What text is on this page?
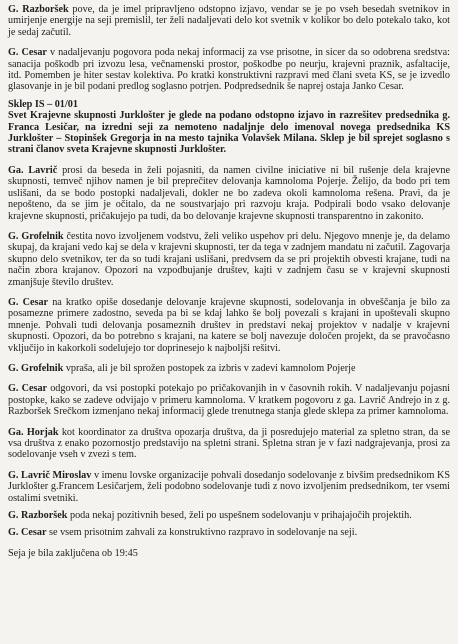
G. Razboršek pove, da je imel pripravljeno odstopno izjavo, vendar se je po vseh besedah svetnikov in umirjenje energije na seji premislil, ter želi nadaljevati delo kot svetnik v kolikor bo delo potekalo tako, kot je sedaj začutil.

G. Cesar v nadaljevanju pogovora poda nekaj informacij za vse prisotne, in sicer da so odobrena sredstva: sanacija poškodb pri izvozu lesa, večnamenski prostor, poškodbe po neurju, krajevni praznik, asfaltacije, itd. Pomemben je hiter sestav kolektiva. Po kratki konstruktivni razpravi med člani sveta KS, se je izvedlo glasovanje in je bil podani predlog soglasno potrjen. Podpredsednik še naprej ostaja Janko Cesar.

Sklep IS – 01/01
Svet Krajevne skupnosti Jurklošter je glede na podano odstopno izjavo in razrešitev predsednika g. Franca Lesičar, na izredni seji za nemoteno nadaljnje delo imenoval novega predsednika KS Jurklošter – Stopinšek Gregorja in na mesto tajnika Volavšek Milana. Sklep je bil sprejet soglasno s strani članov sveta Krajevne skupnosti Jurklošter.

Ga. Lavrič prosi da beseda in želi pojasniti, da namen civilne iniciative ni bil rušenje dela krajevne skupnosti, temveč njihov namen je bil preprečitev delovanja kamnoloma Pojerje. Želijo, da bodo pri tem uslišani, da se bodo postopki nadaljevali, dokler ne bo zadeva okoli kamnoloma rešena. Pravi, da je nepošteno, da se jim je očitalo, da ne soustvarjajo pri razvoju kraja. Podpirali bodo vsako delovanje krajevne skupnosti, pričakujejo pa tudi, da bo delovanje krajevne skupnosti transparentno in zakonito.

G. Grofelnik čestita novo izvoljenem vodstvu, želi veliko uspehov pri delu. Njegovo mnenje je, da delamo skupaj, da krajani vedo kaj se dela v krajevni skupnosti, ter da tega v zadnjem mandatu ni začutil. Zagovarja skupno delo svetnikov, ter da so tudi krajani uslišani, predvsem da se pri projektih obvesti krajane, tudi na način zbora krajanov. Opozori na vzpodbujanje društev, kajti v zadnjem času se v krajevni skupnosti zmanjšuje število društev.

G. Cesar na kratko opiše dosedanje delovanje krajevne skupnosti, sodelovanja in obveščanja je bilo za posamezne primere zadostno, seveda pa bi se kdaj lahko še bolj povezali s krajani in upoštevali skupno mnenje. Pohvali tudi delovanja posameznih društev in predstavi nekaj projektov v nadalje v krajevni skupnosti. Opozori, da bo potrebno s krajani, na katere se bolj navezuje določen projekt, da se pravočasno vključijo in kakorkoli sodelujejo tor doprinesejo k najboljši rešitvi.

G. Grofelnik vpraša, ali je bil sprožen postopek za izbris v zadevi kamnolom Pojerje

G. Cesar odgovori, da vsi postopki potekajo po pričakovanjih in v časovnih rokih. V nadaljevanju pojasni postopke, kako se zadeve odvijajo v primeru kamnoloma. V kratkem pogovoru z ga. Lavrič Andrejo in z g. Razboršek Srečkom izmenjano nekaj informacij glede trenutnega stanja glede sklepa za primer kamnoloma.

Ga. Horjak kot koordinator za društva opozarja društva, da ji posredujejo material za spletno stran, da se vsa društva z enako pozornostjo predstavijo na spletni strani. Spletna stran je v fazi nadgrajevanja, prosi za sodelovanje vseh v zvezi s tem.

G. Lavrič Miroslav v imenu lovske organizacije pohvali dosedanjo sodelovanje z bivšim predsednikom KS Jurklošter g.Francem Lesičarjem, želi podobno sodelovanje tudi z novo izvoljenim predsednikom, ter vsemi ostalimi svetniki.

G. Razboršek poda nekaj pozitivnih besed, želi po uspešnem sodelovanju v prihajajočih projektih.

G. Cesar se vsem prisotnim zahvali za konstruktivno razpravo in sodelovanje na seji.

Seja je bila zaključena ob 19:45
